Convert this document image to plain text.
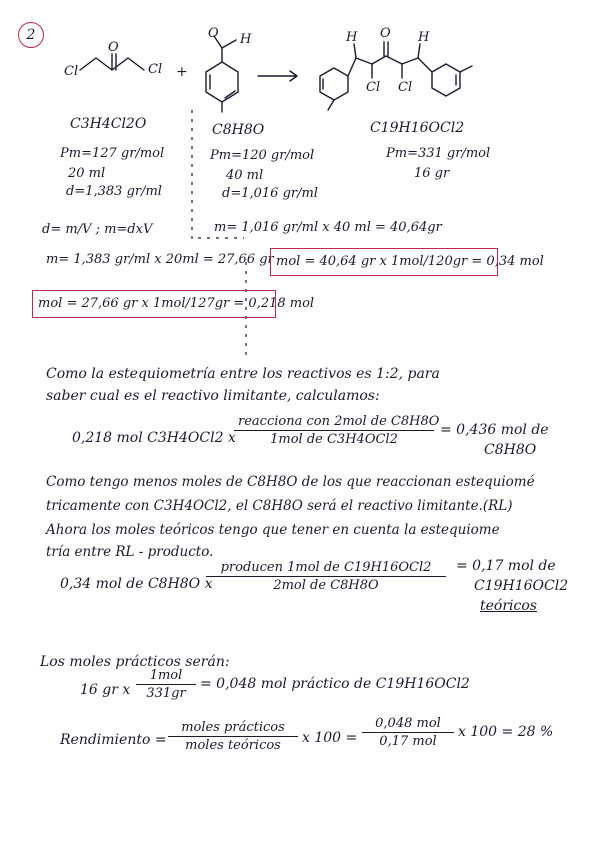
2
Cl
O
Cl +
O H	H O H
Cl Cl
C3H4Cl2O
Pm=127 gr/mol
20 ml
d=1,383 gr/ml
C8H8O
Pm=120 gr/mol
40 ml
d=1,016 gr/ml
C19H16OCl2
Pm=331 gr/mol
16 gr
d= m/V ; m=dxV
m= 1,383 gr/ml x 20ml = 27,66 gr
m= 1,016 gr/ml x 40 ml = 40,64gr
mol = 40,64 gr x 1mol/120gr = 0,34 mol
mol = 27,66 gr x 1mol/127gr = 0,218 mol
Como la estequiometría entre los reactivos es 1:2, para
saber cual es el reactivo limitante, calculamos:
0,218 mol C3H4OCl2 x
reacciona con 2mol de C8H8O
1mol de C3H4OCl2
= 0,436 mol de
C8H8O
Como tengo menos moles de C8H8O de los que reaccionan estequiomé
tricamente con C3H4OCl2, el C8H8O será el reactivo limitante.(RL)
Ahora los moles teóricos tengo que tener en cuenta la estequiome
tría entre RL - producto.
0,34 mol de C8H8O x
producen 1mol de C19H16OCl2
2mol de C8H8O
= 0,17 mol de
C19H16OCl2
teóricos
Los moles prácticos serán:
16 gr x
1mol
331gr
= 0,048 mol práctico de C19H16OCl2
Rendimiento =
moles prácticos
moles teóricos	x 100 =
0,048 mol
0,17 mol
x 100 = 28 %
